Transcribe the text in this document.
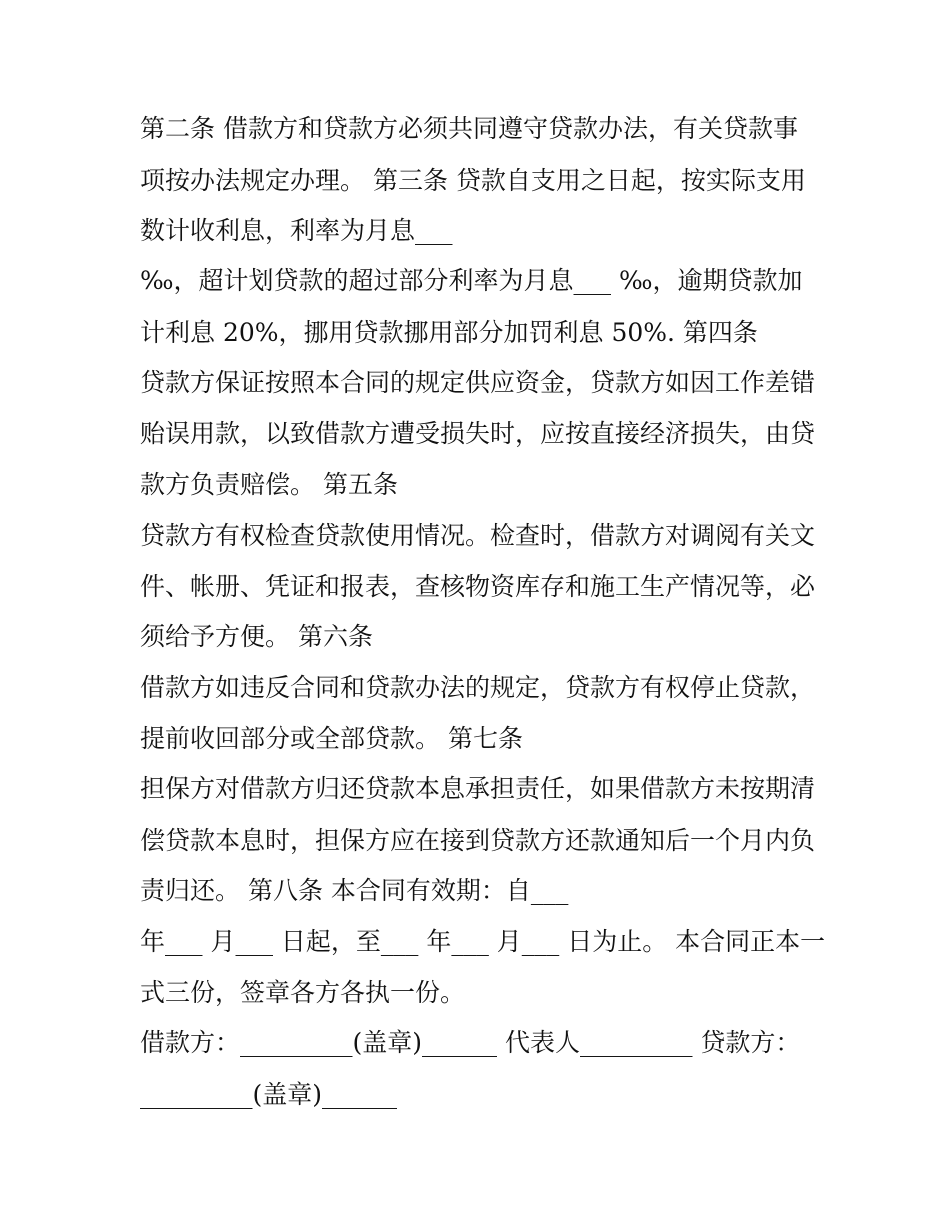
第二条 借款方和贷款方必须共同遵守贷款办法，有关贷款事
项按办法规定办理。 第三条 贷款自支用之日起，按实际支用
数计收利息，利率为月息___
‰，超计划贷款的超过部分利率为月息___ ‰，逾期贷款加
计利息 20%，挪用贷款挪用部分加罚利息 50%. 第四条
贷款方保证按照本合同的规定供应资金，贷款方如因工作差错
贻误用款，以致借款方遭受损失时，应按直接经济损失，由贷
款方负责赔偿。 第五条
贷款方有权检查贷款使用情况。检查时，借款方对调阅有关文
件、帐册、凭证和报表，查核物资库存和施工生产情况等，必
须给予方便。 第六条
借款方如违反合同和贷款办法的规定，贷款方有权停止贷款，
提前收回部分或全部贷款。 第七条
担保方对借款方归还贷款本息承担责任，如果借款方未按期清
偿贷款本息时，担保方应在接到贷款方还款通知后一个月内负
责归还。 第八条 本合同有效期：自___
年___ 月___ 日起，至___ 年___ 月___ 日为止。 本合同正本一
式三份，签章各方各执一份。
借款方：_________(盖章)______ 代表人_________ 贷款方：
_________(盖章)______
